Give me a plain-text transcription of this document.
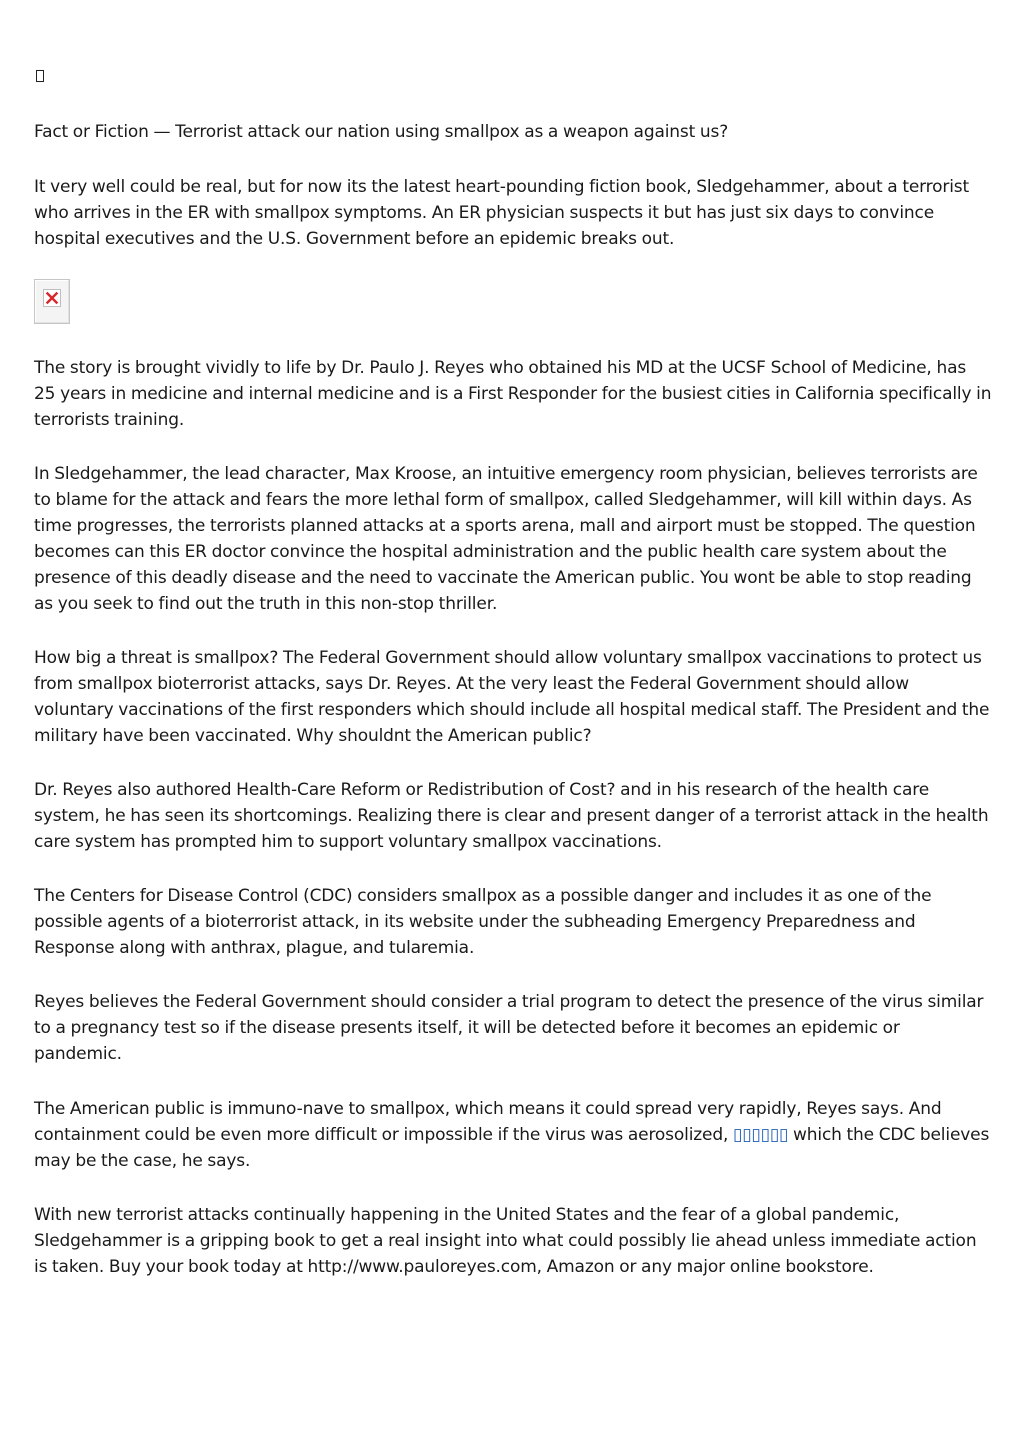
Fact or Fiction — Terrorist attack our nation using smallpox as a weapon against us?

It very well could be real, but for now its the latest heart-pounding fiction book, Sledgehammer, about a terrorist who arrives in the ER with smallpox symptoms. An ER physician suspects it but has just six days to convince hospital executives and the U.S. Government before an epidemic breaks out.

The story is brought vividly to life by Dr. Paulo J. Reyes who obtained his MD at the UCSF School of Medicine, has 25 years in medicine and internal medicine and is a First Responder for the busiest cities in California specifically in terrorists training.

In Sledgehammer, the lead character, Max Kroose, an intuitive emergency room physician, believes terrorists are to blame for the attack and fears the more lethal form of smallpox, called Sledgehammer, will kill within days. As time progresses, the terrorists planned attacks at a sports arena, mall and airport must be stopped. The question becomes can this ER doctor convince the hospital administration and the public health care system about the presence of this deadly disease and the need to vaccinate the American public. You wont be able to stop reading as you seek to find out the truth in this non-stop thriller.

How big a threat is smallpox? The Federal Government should allow voluntary smallpox vaccinations to protect us from smallpox bioterrorist attacks, says Dr. Reyes. At the very least the Federal Government should allow voluntary vaccinations of the first responders which should include all hospital medical staff. The President and the military have been vaccinated. Why shouldnt the American public?

Dr. Reyes also authored Health-Care Reform or Redistribution of Cost? and in his research of the health care system, he has seen its shortcomings. Realizing there is clear and present danger of a terrorist attack in the health care system has prompted him to support voluntary smallpox vaccinations.

The Centers for Disease Control (CDC) considers smallpox as a possible danger and includes it as one of the possible agents of a bioterrorist attack, in its website under the subheading Emergency Preparedness and Response along with anthrax, plague, and tularemia.

Reyes believes the Federal Government should consider a trial program to detect the presence of the virus similar to a pregnancy test so if the disease presents itself, it will be detected before it becomes an epidemic or pandemic.

The American public is immuno-nave to smallpox, which means it could spread very rapidly, Reyes says. And containment could be even more difficult or impossible if the virus was aerosolized, ▯▯▯▯▯▯ which the CDC believes may be the case, he says.

With new terrorist attacks continually happening in the United States and the fear of a global pandemic, Sledgehammer is a gripping book to get a real insight into what could possibly lie ahead unless immediate action is taken. Buy your book today at http://www.pauloreyes.com, Amazon or any major online bookstore.
